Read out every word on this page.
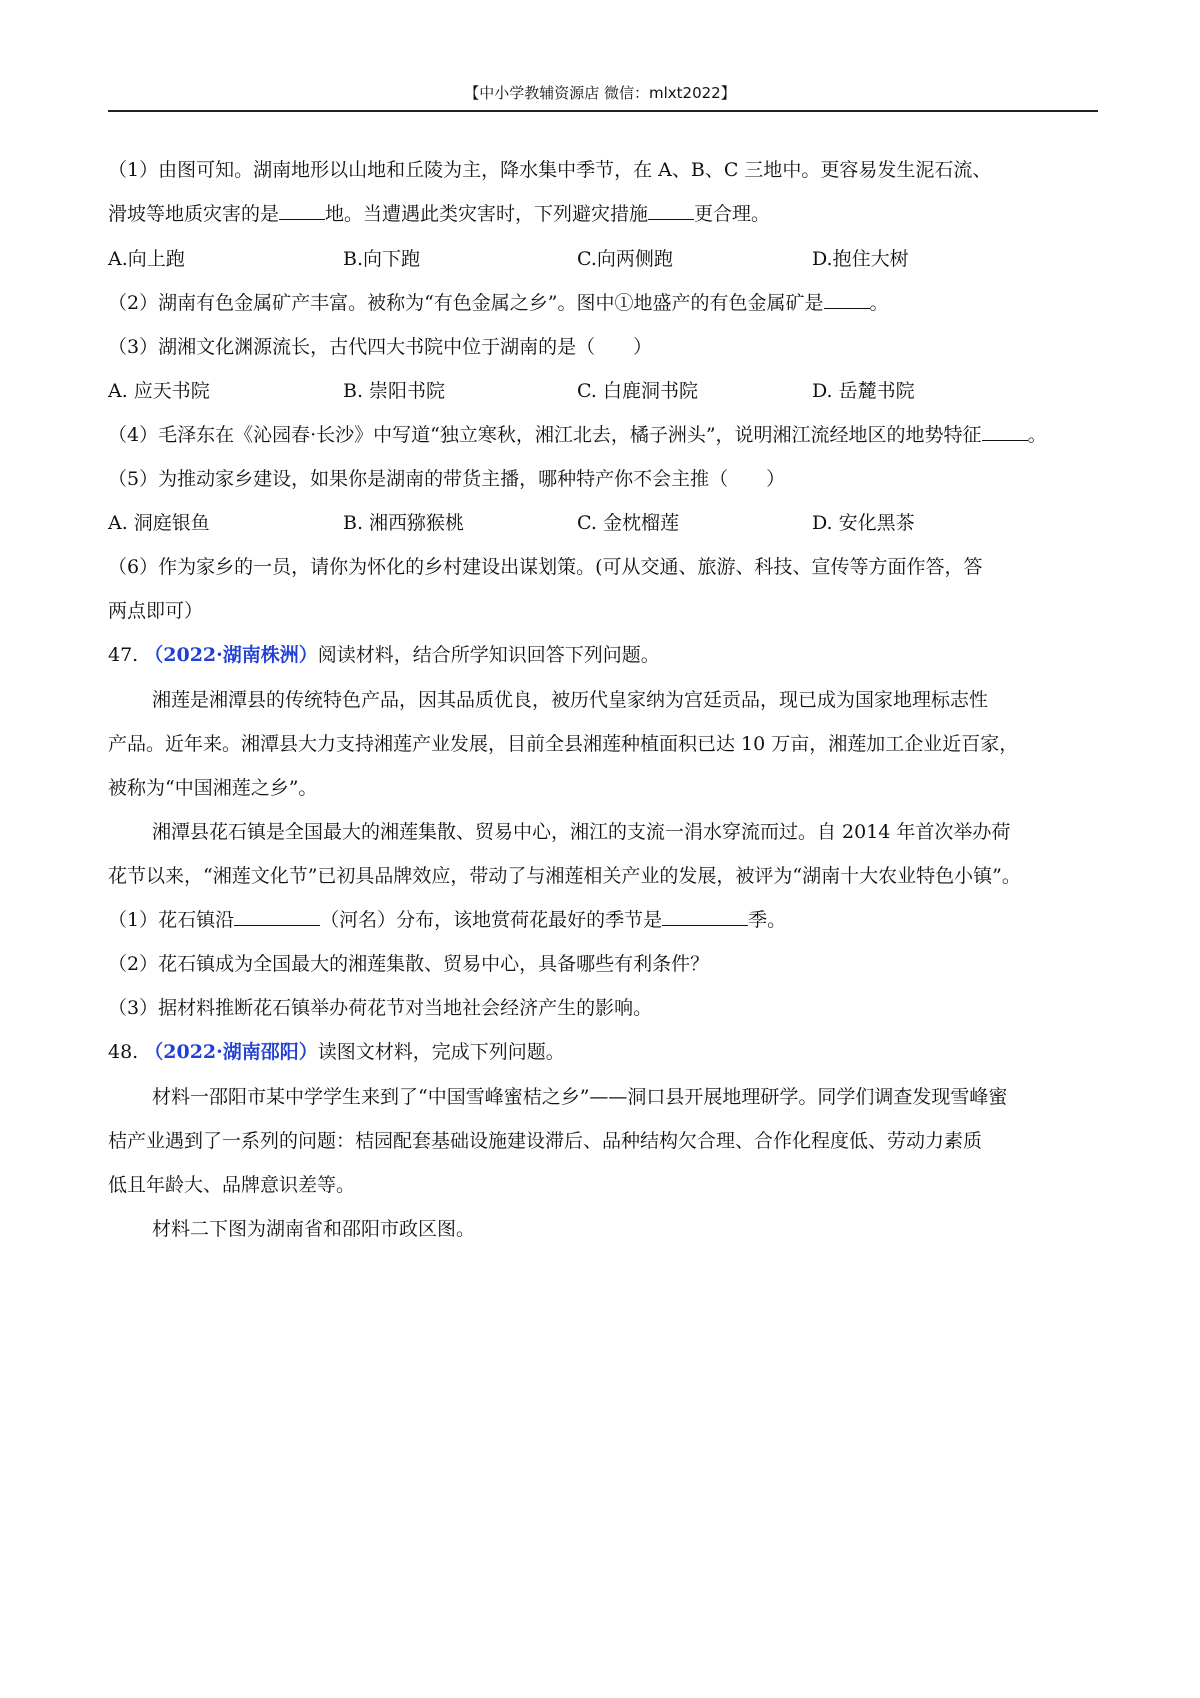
【中小学教辅资源店 微信：mlxt2022】
（1）由图可知。湖南地形以山地和丘陵为主，降水集中季节，在 A、B、C 三地中。更容易发生泥石流、
滑坡等地质灾害的是 地。当遭遇此类灾害时，下列避灾措施 更合理。
A.向上跑	B.向下跑	C.向两侧跑	D.抱住大树
（2）湖南有色金属矿产丰富。被称为“有色金属之乡”。图中①地盛产的有色金属矿是 。
（3）湖湘文化渊源流长，古代四大书院中位于湖南的是（　　）
A. 应天书院	B. 崇阳书院	C. 白鹿洞书院	D. 岳麓书院
（4）毛泽东在《沁园春·长沙》中写道“独立寒秋，湘江北去，橘子洲头”，说明湘江流经地区的地势特征 。
（5）为推动家乡建设，如果你是湖南的带货主播，哪种特产你不会主推（　　）
A. 洞庭银鱼	B. 湘西猕猴桃	C. 金枕榴莲	D. 安化黑茶
（6）作为家乡的一员，请你为怀化的乡村建设出谋划策。(可从交通、旅游、科技、宣传等方面作答，答
两点即可）
47. （2022·湖南株洲）阅读材料，结合所学知识回答下列问题。
湘莲是湘潭县的传统特色产品，因其品质优良，被历代皇家纳为宫廷贡品，现已成为国家地理标志性
产品。近年来。湘潭县大力支持湘莲产业发展，目前全县湘莲种植面积已达 10 万亩，湘莲加工企业近百家，
被称为“中国湘莲之乡”。
湘潭县花石镇是全国最大的湘莲集散、贸易中心，湘江的支流一涓水穿流而过。自 2014 年首次举办荷
花节以来，“湘莲文化节”已初具品牌效应，带动了与湘莲相关产业的发展，被评为“湖南十大农业特色小镇”。
（1）花石镇沿	（河名）分布，该地赏荷花最好的季节是	季。
（2）花石镇成为全国最大的湘莲集散、贸易中心，具备哪些有利条件？
（3）据材料推断花石镇举办荷花节对当地社会经济产生的影响。
48. （2022·湖南邵阳）读图文材料，完成下列问题。
材料一邵阳市某中学学生来到了“中国雪峰蜜桔之乡”——洞口县开展地理研学。同学们调查发现雪峰蜜
桔产业遇到了一系列的问题：桔园配套基础设施建设滞后、品种结构欠合理、合作化程度低、劳动力素质
低且年龄大、品牌意识差等。
材料二下图为湖南省和邵阳市政区图。
